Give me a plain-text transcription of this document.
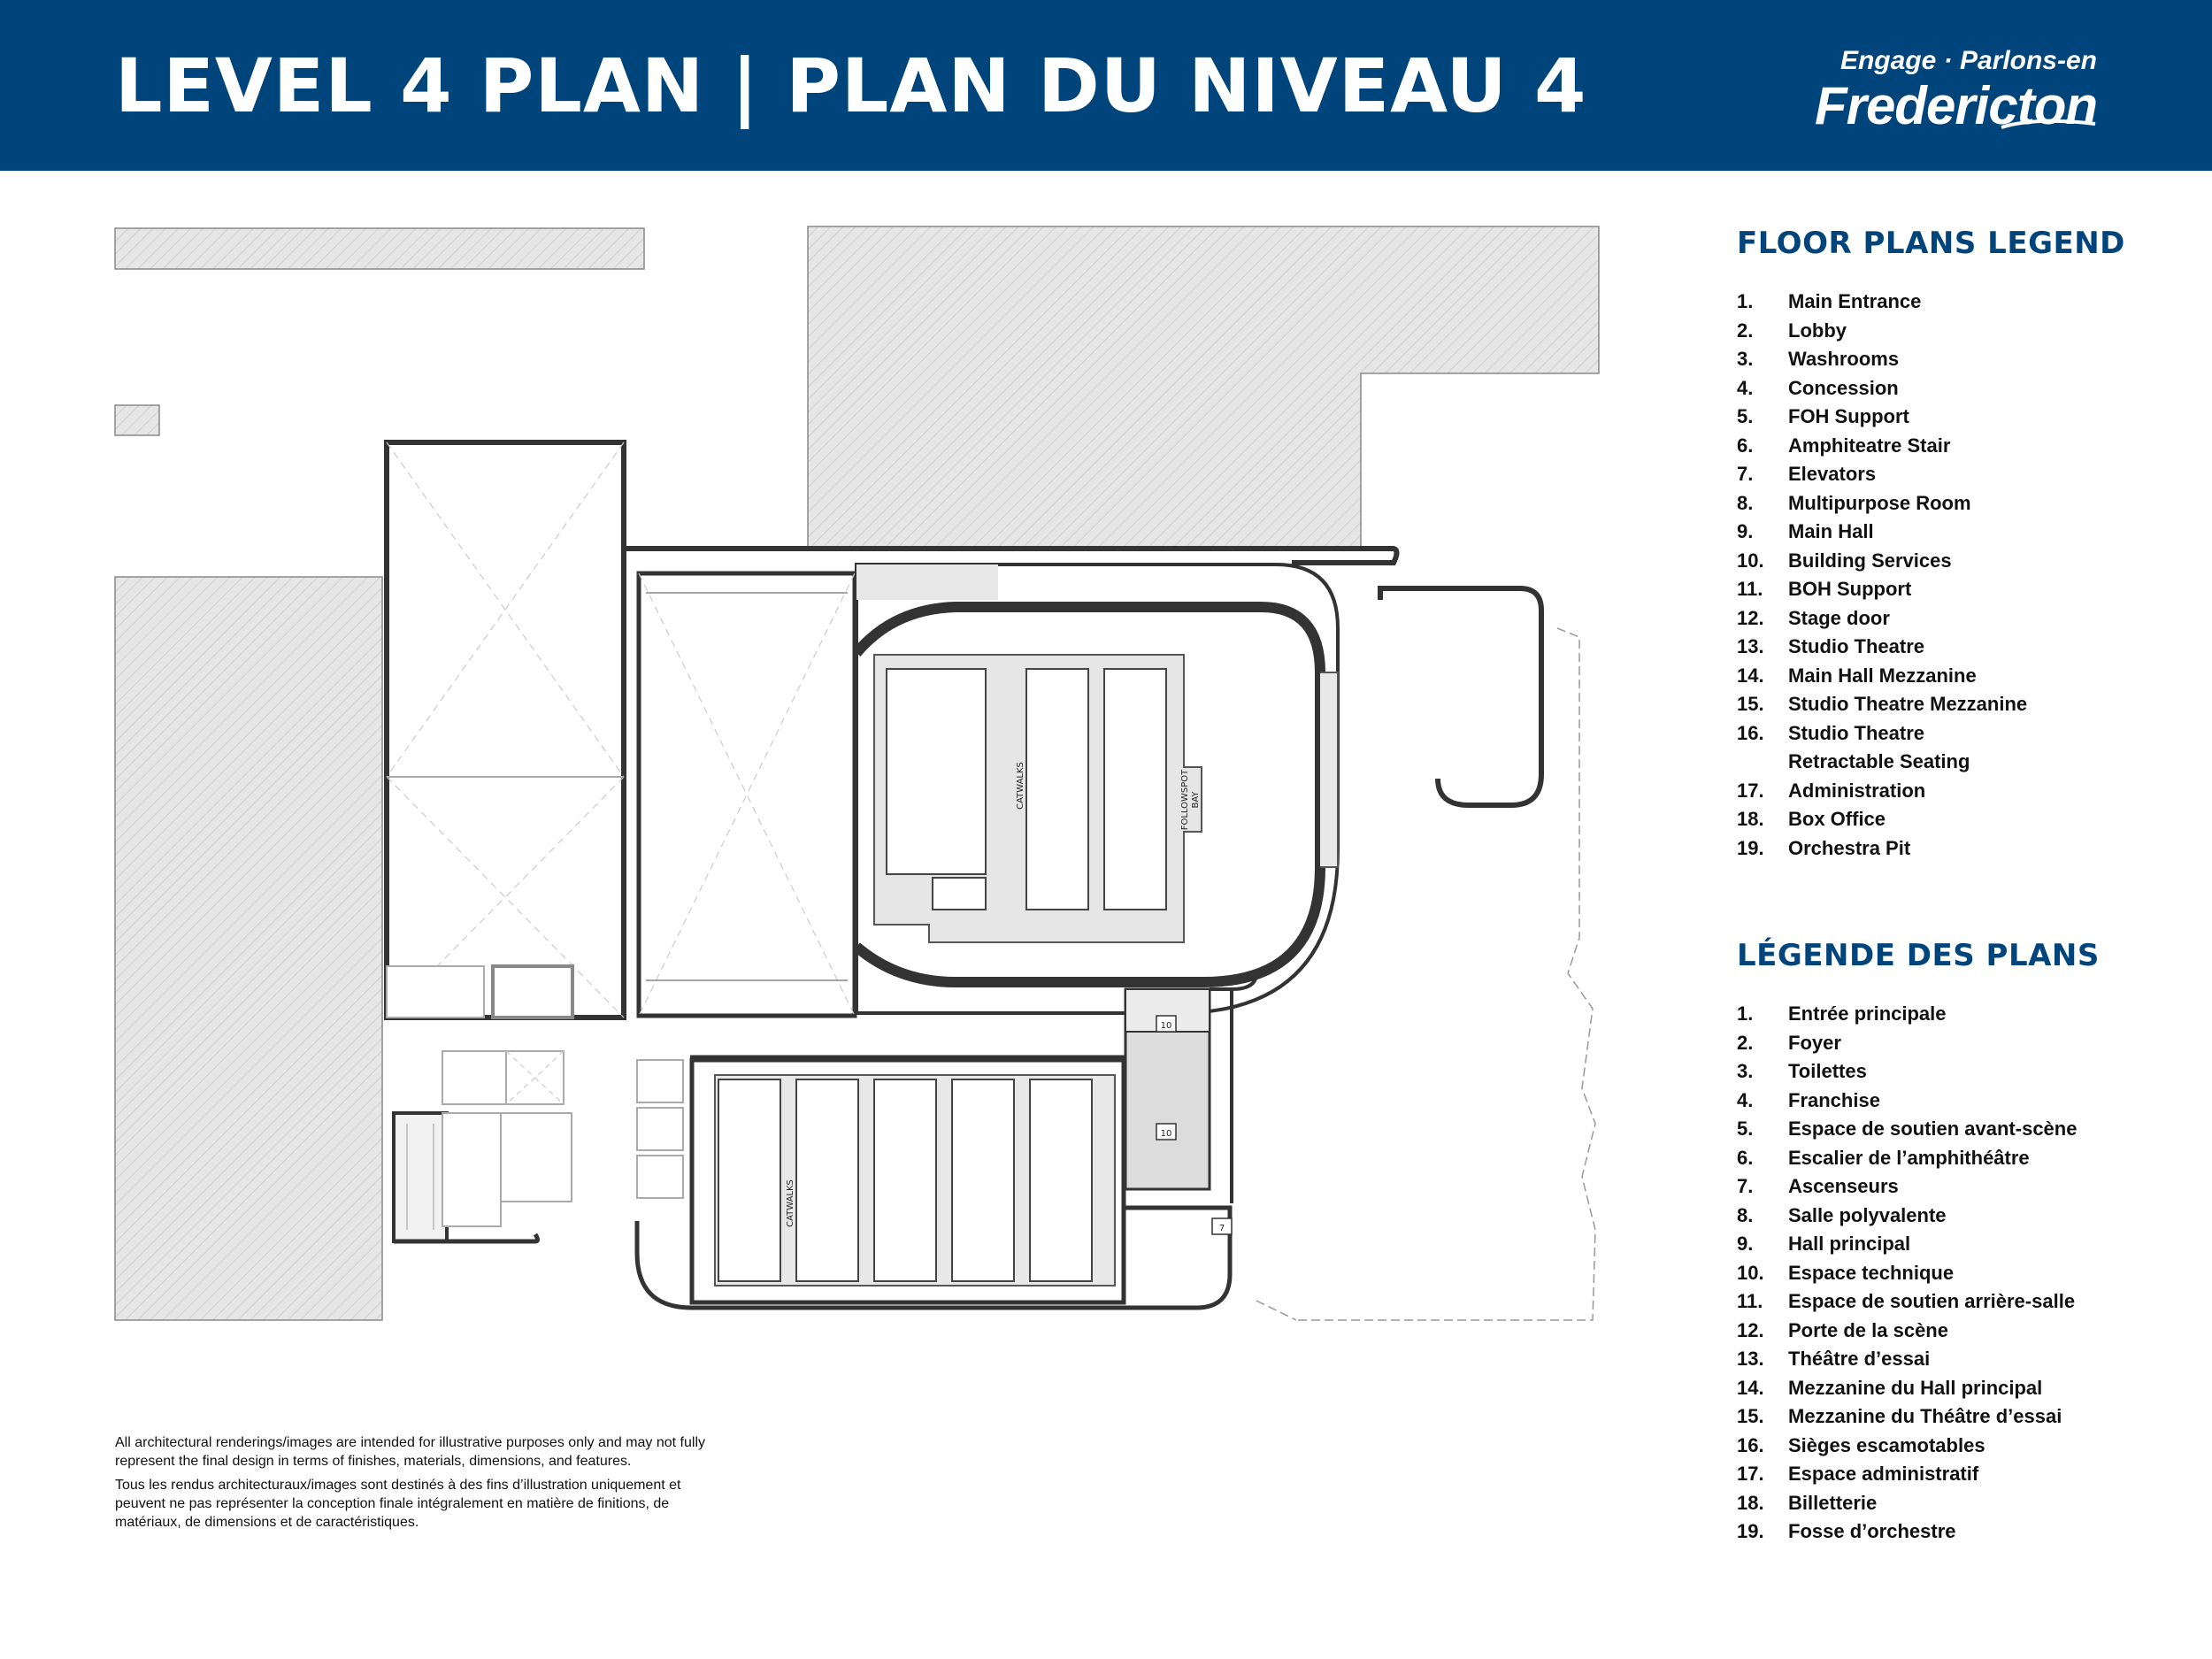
LEVEL 4 PLAN | PLAN DU NIVEAU 4	Engage · Parlons-en
Fredericton
CATWALKS	FOLLOWSPOT BAY
10
10
CATWALKS
7

All architectural renderings/images are intended for illustrative purposes only and may not fully represent the final design in terms of finishes, materials, dimensions, and features.

Tous les rendus architecturaux/images sont destinés à des fins d’illustration uniquement et peuvent ne pas représenter la conception finale intégralement en matière de finitions, de matériaux, de dimensions et de caractéristiques.

FLOOR PLANS LEGEND
1.	Main Entrance
2.	Lobby
3.	Washrooms
4.	Concession
5.	FOH Support
6.	Amphiteatre Stair
7.	Elevators
8.	Multipurpose Room
9.	Main Hall
10.	Building Services
11.	BOH Support
12.	Stage door
13.	Studio Theatre
14.	Main Hall Mezzanine
15.	Studio Theatre Mezzanine
16.	Studio Theatre
Retractable Seating
17.	Administration
18.	Box Office
19.	Orchestra Pit
LÉGENDE DES PLANS
1.	Entrée principale
2.	Foyer
3.	Toilettes
4.	Franchise
5.	Espace de soutien avant-scène
6.	Escalier de l’amphithéâtre
7.	Ascenseurs
8.	Salle polyvalente
9.	Hall principal
10.	Espace technique
11.	Espace de soutien arrière-salle
12.	Porte de la scène
13.	Théâtre d’essai
14.	Mezzanine du Hall principal
15.	Mezzanine du Théâtre d’essai
16.	Sièges escamotables
17.	Espace administratif
18.	Billetterie
19.	Fosse d’orchestre
